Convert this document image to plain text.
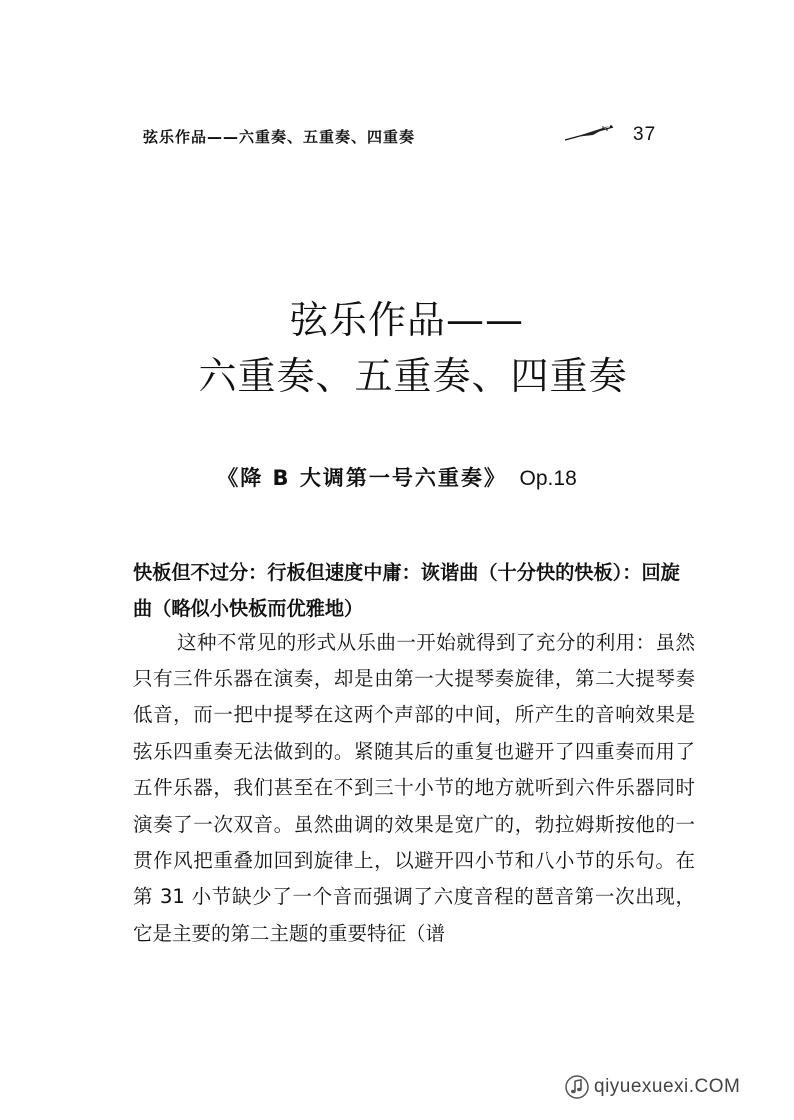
弦乐作品——六重奏、五重奏、四重奏	37
弦乐作品——
六重奏、五重奏、四重奏
《降 B 大调第一号六重奏》 Op.18

快板但不过分：行板但速度中庸：诙谐曲（十分快的快板）：回旋曲（略似小快板而优雅地）

这种不常见的形式从乐曲一开始就得到了充分的利用：虽然只有三件乐器在演奏，却是由第一大提琴奏旋律，第二大提琴奏低音，而一把中提琴在这两个声部的中间，所产生的音响效果是弦乐四重奏无法做到的。紧随其后的重复也避开了四重奏而用了五件乐器，我们甚至在不到三十小节的地方就听到六件乐器同时演奏了一次双音。虽然曲调的效果是宽广的，勃拉姆斯按他的一贯作风把重叠加回到旋律上，以避开四小节和八小节的乐句。在第 31 小节缺少了一个音而强调了六度音程的琶音第一次出现，它是主要的第二主题的重要特征（谱

qiyuexuexi.COM
